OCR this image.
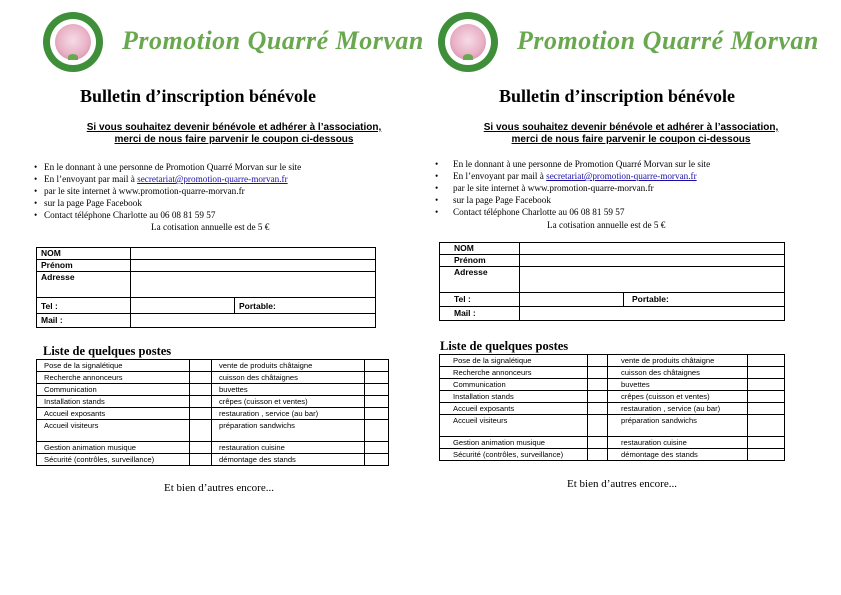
Promotion Quarré Morvan
Bulletin d’inscription bénévole
Si vous souhaitez devenir bénévole et adhérer à l’association,
merci de nous faire parvenir le coupon ci-dessous
• En le donnant à une personne de Promotion Quarré Morvan sur le site
• En l’envoyant par mail à secretariat@promotion-quarre-morvan.fr
• par le site internet à www.promotion-quarre-morvan.fr
• sur la page Page Facebook
• Contact téléphone Charlotte au 06 08 81 59 57
La cotisation annuelle est de 5 €
NOM		
Prénom		
Adresse		
Tel :		Portable:
Mail :		
Liste de quelques postes
Pose de la signalétique		vente de produits châtaigne	
Recherche annonceurs		cuisson des châtaignes	
Communication		buvettes	
Installation stands		crêpes (cuisson et ventes)	
Accueil exposants		restauration , service (au bar)	
Accueil visiteurs		préparation sandwichs	
Gestion animation musique		restauration cuisine	
Sécurité (contrôles, surveillance)		démontage des stands	
Et bien d’autres encore...
Promotion Quarré Morvan
Bulletin d’inscription bénévole
Si vous souhaitez devenir bénévole et adhérer à l’association,
merci de nous faire parvenir le coupon ci-dessous
• En le donnant à une personne de Promotion Quarré Morvan sur le site
• En l’envoyant par mail à secretariat@promotion-quarre-morvan.fr
• par le site internet à www.promotion-quarre-morvan.fr
• sur la page Page Facebook
• Contact téléphone Charlotte au 06 08 81 59 57
La cotisation annuelle est de 5 €
NOM		
Prénom		
Adresse		
Tel :		Portable:
Mail :		
Liste de quelques postes
Pose de la signalétique		vente de produits châtaigne	
Recherche annonceurs		cuisson des châtaignes	
Communication		buvettes	
Installation stands		crêpes (cuisson et ventes)	
Accueil exposants		restauration , service (au bar)	
Accueil visiteurs		préparation sandwichs	
Gestion animation musique		restauration cuisine	
Sécurité (contrôles, surveillance)		démontage des stands	
Et bien d’autres encore...
